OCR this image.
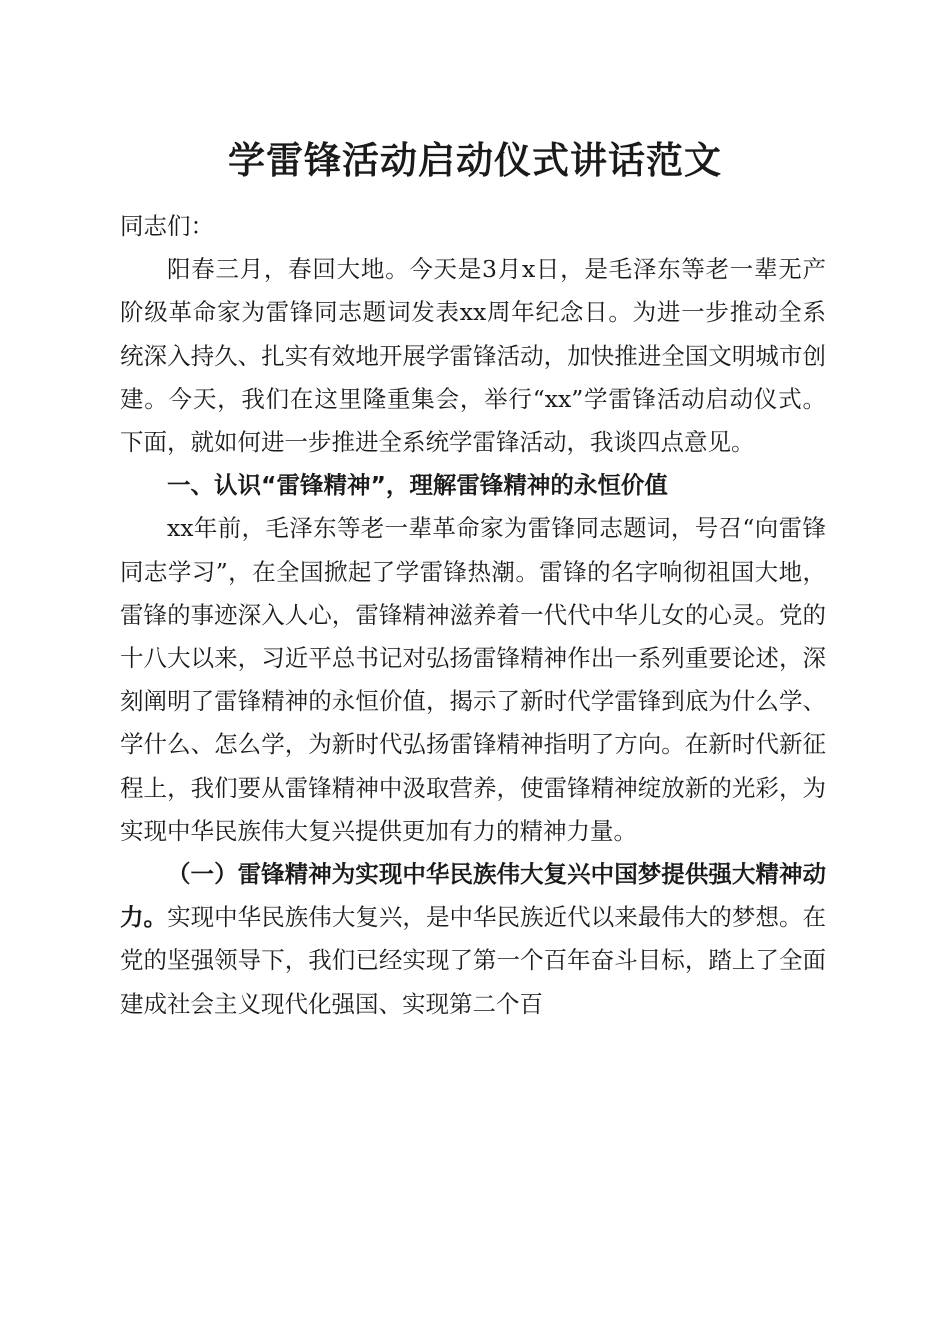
学雷锋活动启动仪式讲话范文

同志们：

阳春三月，春回大地。今天是3月x日，是毛泽东等老一辈无产阶级革命家为雷锋同志题词发表xx周年纪念日。为进一步推动全系统深入持久、扎实有效地开展学雷锋活动，加快推进全国文明城市创建。今天，我们在这里隆重集会，举行“xx”学雷锋活动启动仪式。下面，就如何进一步推进全系统学雷锋活动，我谈四点意见。

一、认识“雷锋精神”，理解雷锋精神的永恒价值

xx年前，毛泽东等老一辈革命家为雷锋同志题词，号召“向雷锋同志学习”，在全国掀起了学雷锋热潮。雷锋的名字响彻祖国大地，雷锋的事迹深入人心，雷锋精神滋养着一代代中华儿女的心灵。党的十八大以来，习近平总书记对弘扬雷锋精神作出一系列重要论述，深刻阐明了雷锋精神的永恒价值，揭示了新时代学雷锋到底为什么学、学什么、怎么学，为新时代弘扬雷锋精神指明了方向。在新时代新征程上，我们要从雷锋精神中汲取营养，使雷锋精神绽放新的光彩，为实现中华民族伟大复兴提供更加有力的精神力量。

（一）雷锋精神为实现中华民族伟大复兴中国梦提供强大精神动力。实现中华民族伟大复兴，是中华民族近代以来最伟大的梦想。在党的坚强领导下，我们已经实现了第一个百年奋斗目标，踏上了全面建成社会主义现代化强国、实现第二个百
